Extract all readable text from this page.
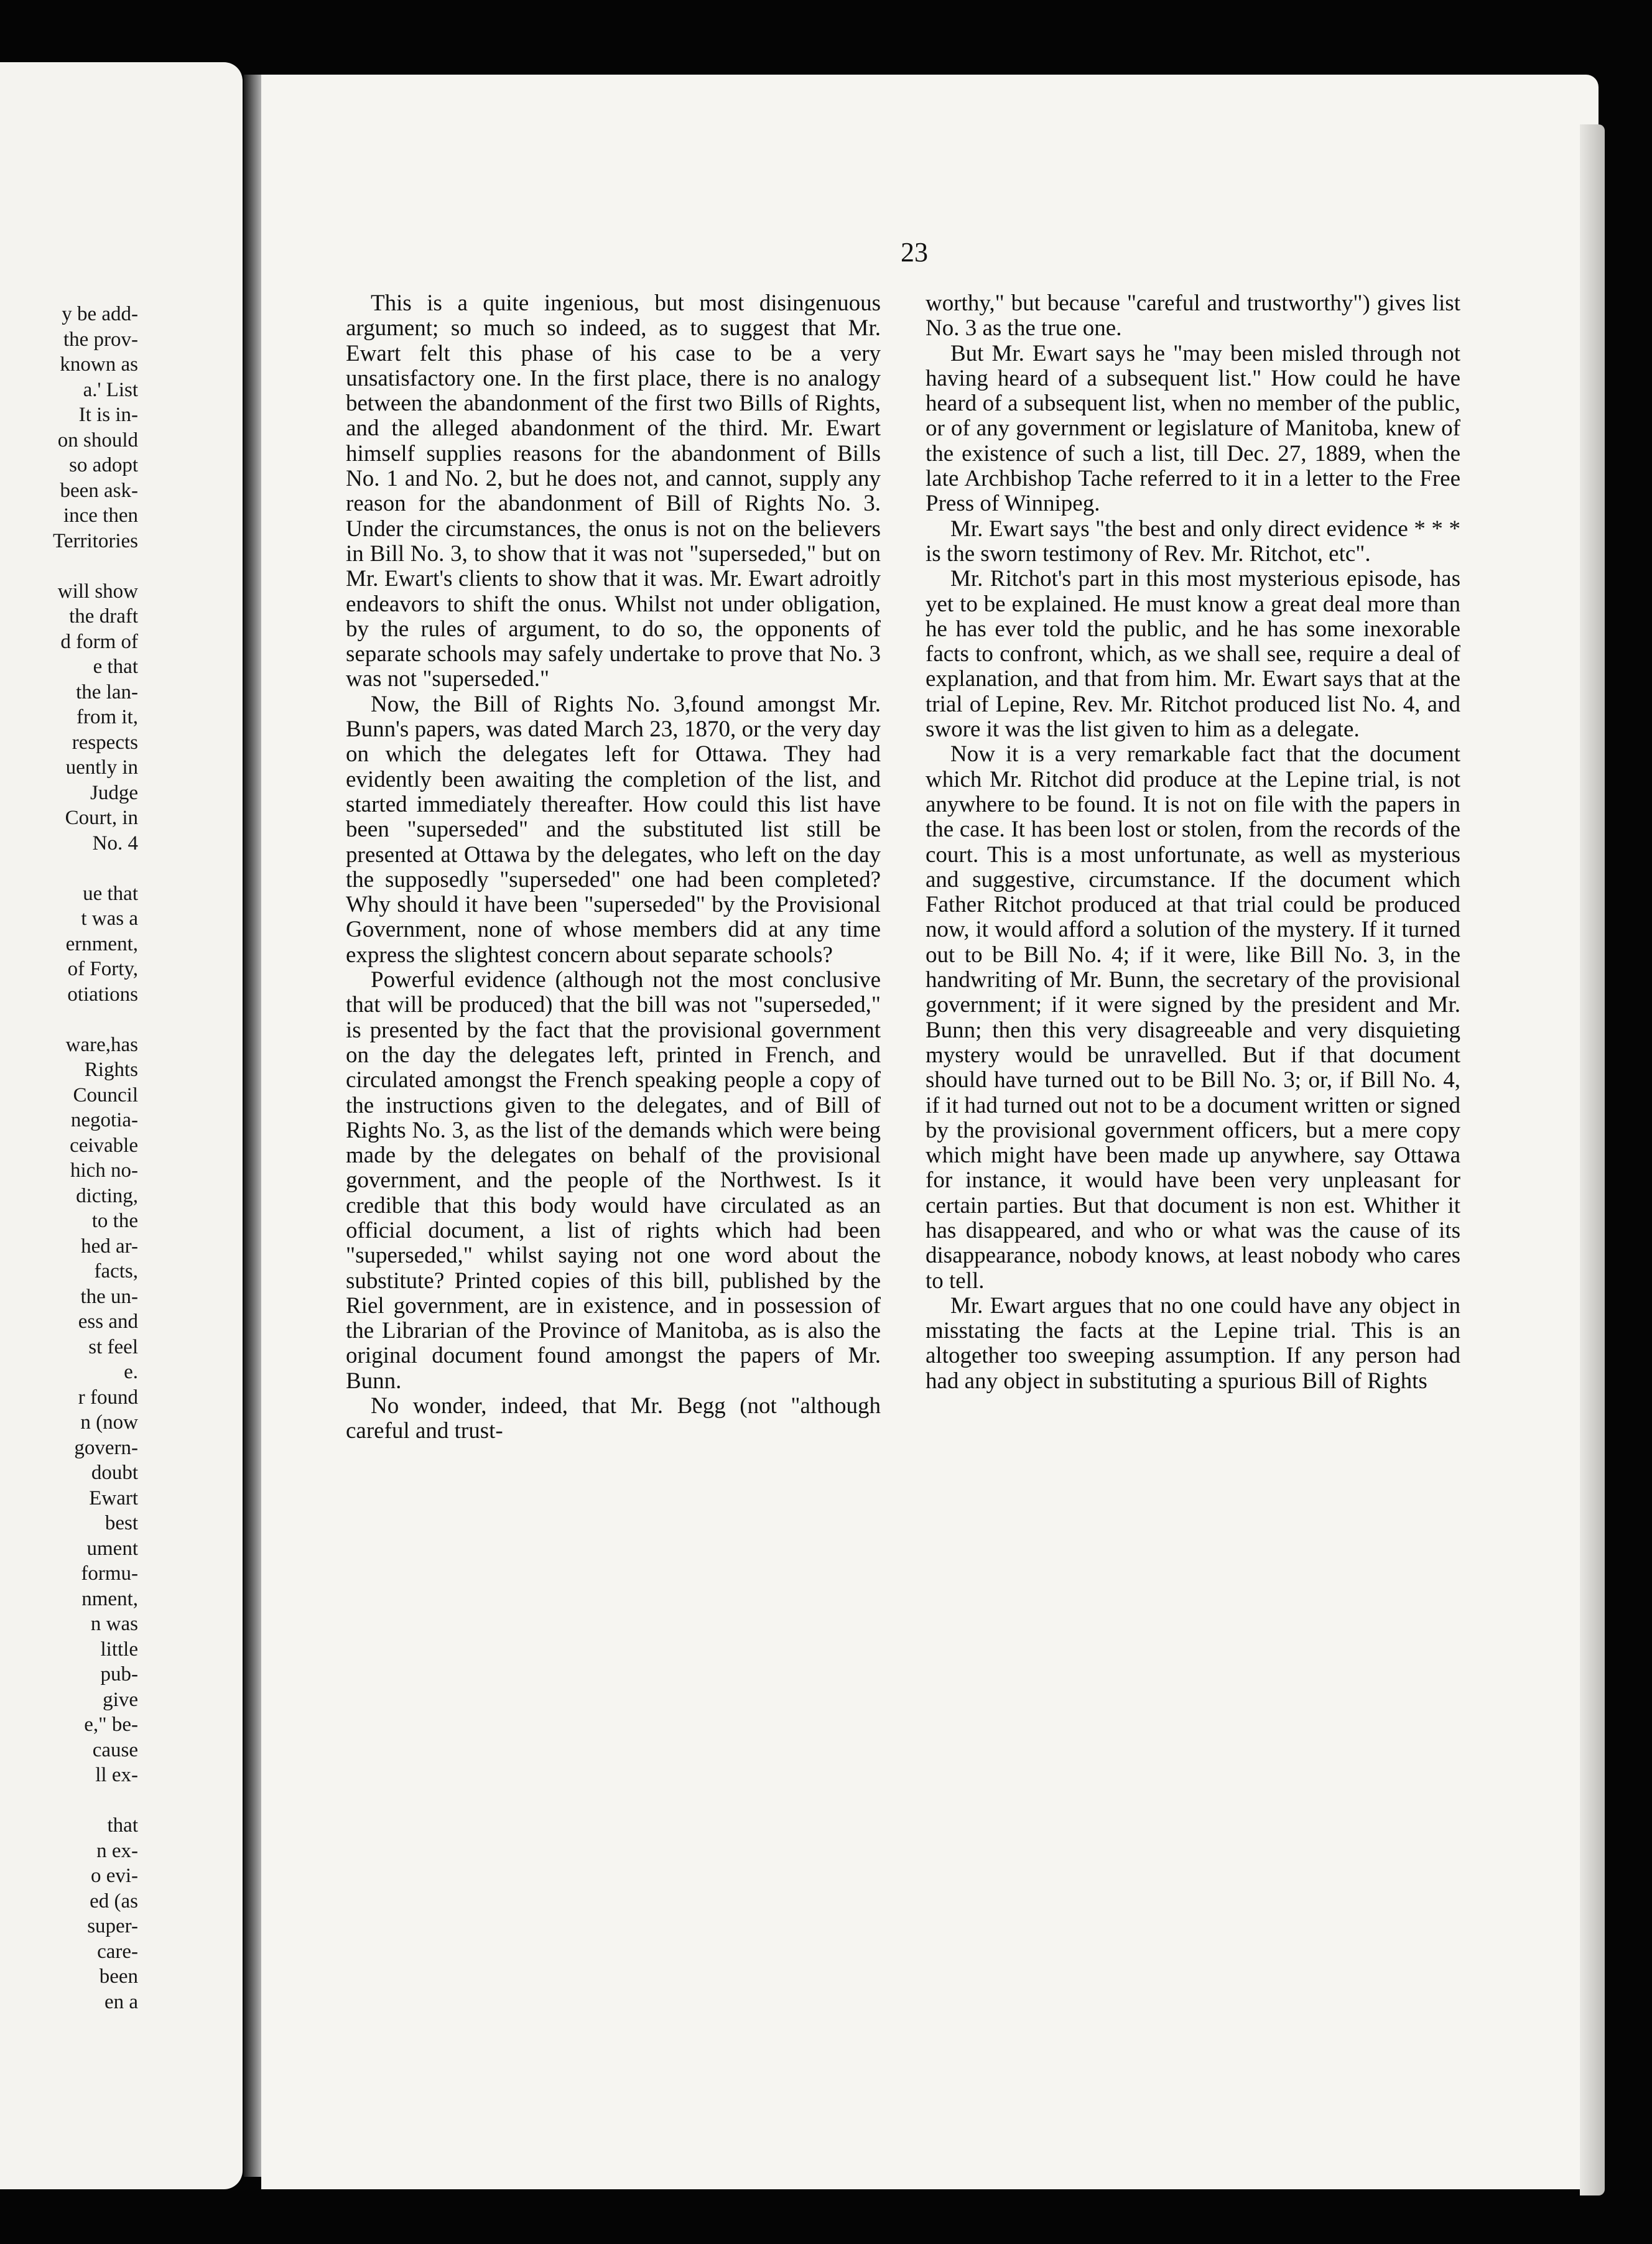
y be add-
the prov-
known as
a.' List
It is in-
on should
so adopt
been ask-
ince then
Territories

will show
the draft
d form of
e that
the lan-
from it,
respects
uently in
Judge
Court, in
No. 4

ue that
t was a
ernment,
of Forty,
otiations

ware,has
Rights
Council
negotia-
ceivable
hich no-
dicting,
to the
hed ar-
facts,
the un-
ess and
st feel
e.
r found
n (now
govern-
doubt
Ewart
best
ument
formu-
nment,
n was
little
pub-
give
e," be-
cause
ll ex-

that
n ex-
o evi-
ed (as
super-
care-
been
en a
23

This is a quite ingenious, but most disingenuous argument; so much so indeed, as to suggest that Mr. Ewart felt this phase of his case to be a very unsatisfactory one. In the first place, there is no analogy between the abandonment of the first two Bills of Rights, and the alleged abandonment of the third. Mr. Ewart himself supplies reasons for the abandonment of Bills No. 1 and No. 2, but he does not, and cannot, supply any reason for the abandonment of Bill of Rights No. 3. Under the circumstances, the onus is not on the believers in Bill No. 3, to show that it was not "superseded," but on Mr. Ewart's clients to show that it was. Mr. Ewart adroitly endeavors to shift the onus. Whilst not under obligation, by the rules of argument, to do so, the opponents of separate schools may safely undertake to prove that No. 3 was not "superseded."

Now, the Bill of Rights No. 3,found amongst Mr. Bunn's papers, was dated March 23, 1870, or the very day on which the delegates left for Ottawa. They had evidently been awaiting the completion of the list, and started immediately thereafter. How could this list have been "superseded" and the substituted list still be presented at Ottawa by the delegates, who left on the day the supposedly "superseded" one had been completed? Why should it have been "superseded" by the Provisional Government, none of whose members did at any time express the slightest concern about separate schools?

Powerful evidence (although not the most conclusive that will be produced) that the bill was not "superseded," is presented by the fact that the provisional government on the day the delegates left, printed in French, and circulated amongst the French speaking people a copy of the instructions given to the delegates, and of Bill of Rights No. 3, as the list of the demands which were being made by the delegates on behalf of the provisional government, and the people of the Northwest. Is it credible that this body would have circulated as an official document, a list of rights which had been "superseded," whilst saying not one word about the substitute? Printed copies of this bill, published by the Riel government, are in existence, and in possession of the Librarian of the Province of Manitoba, as is also the original document found amongst the papers of Mr. Bunn.

No wonder, indeed, that Mr. Begg (not "although careful and trust-

worthy," but because "careful and trustworthy") gives list No. 3 as the true one.

But Mr. Ewart says he "may been misled through not having heard of a subsequent list." How could he have heard of a subsequent list, when no member of the public, or of any government or legislature of Manitoba, knew of the existence of such a list, till Dec. 27, 1889, when the late Archbishop Tache referred to it in a letter to the Free Press of Winnipeg.

Mr. Ewart says "the best and only direct evidence * * * is the sworn testimony of Rev. Mr. Ritchot, etc".

Mr. Ritchot's part in this most mysterious episode, has yet to be explained. He must know a great deal more than he has ever told the public, and he has some inexorable facts to confront, which, as we shall see, require a deal of explanation, and that from him. Mr. Ewart says that at the trial of Lepine, Rev. Mr. Ritchot produced list No. 4, and swore it was the list given to him as a delegate.

Now it is a very remarkable fact that the document which Mr. Ritchot did produce at the Lepine trial, is not anywhere to be found. It is not on file with the papers in the case. It has been lost or stolen, from the records of the court. This is a most unfortunate, as well as mysterious and suggestive, circumstance. If the document which Father Ritchot produced at that trial could be produced now, it would afford a solution of the mystery. If it turned out to be Bill No. 4; if it were, like Bill No. 3, in the handwriting of Mr. Bunn, the secretary of the provisional government; if it were signed by the president and Mr. Bunn; then this very disagreeable and very disquieting mystery would be unravelled. But if that document should have turned out to be Bill No. 3; or, if Bill No. 4, if it had turned out not to be a document written or signed by the provisional government officers, but a mere copy which might have been made up anywhere, say Ottawa for instance, it would have been very unpleasant for certain parties. But that document is non est. Whither it has disappeared, and who or what was the cause of its disappearance, nobody knows, at least nobody who cares to tell.

Mr. Ewart argues that no one could have any object in misstating the facts at the Lepine trial. This is an altogether too sweeping assumption. If any person had had any object in substituting a spurious Bill of Rights
